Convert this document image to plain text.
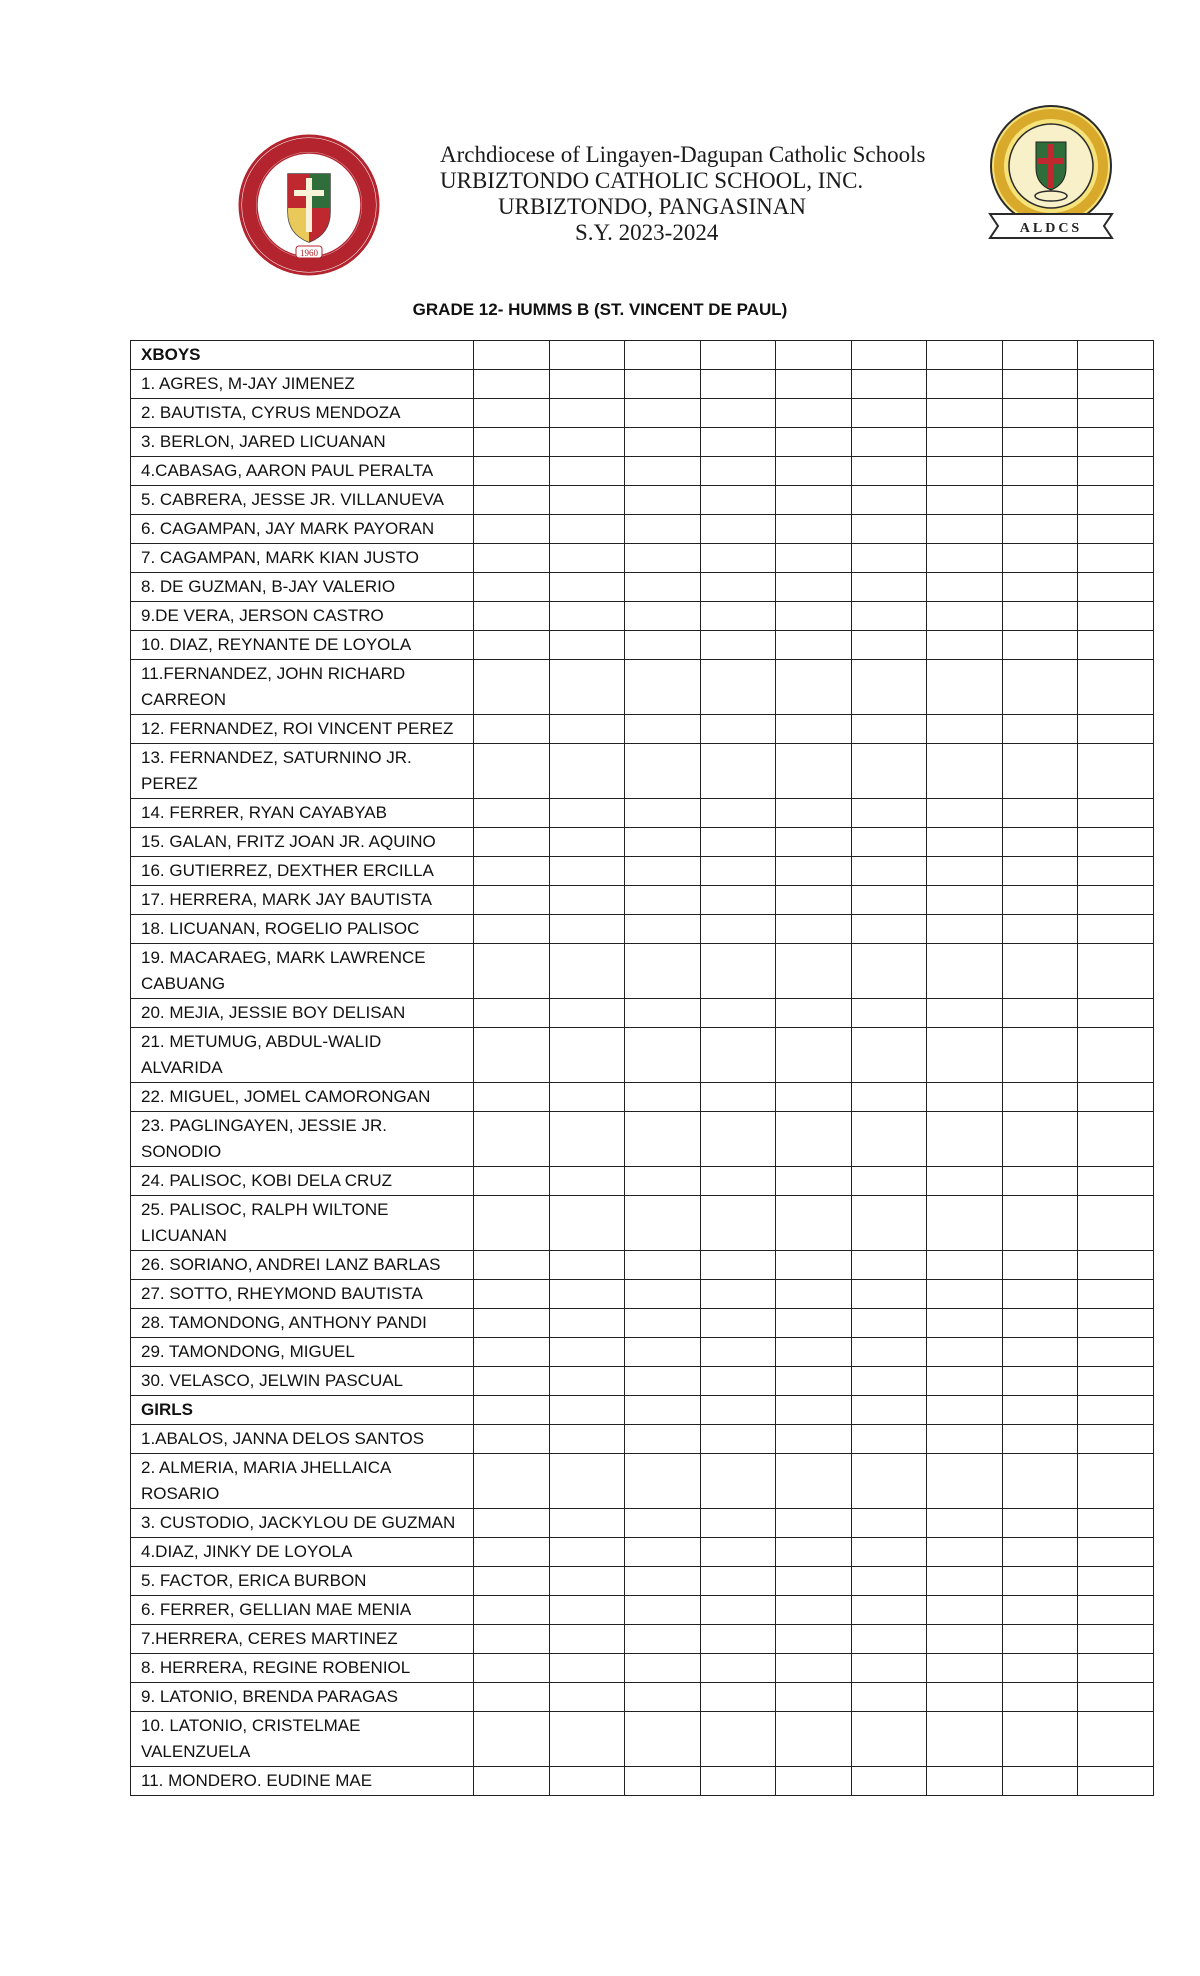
1960
Archdiocese of Lingayen-Dagupan Catholic Schools
URBIZTONDO CATHOLIC SCHOOL, INC.
URBIZTONDO, PANGASINAN
S.Y. 2023-2024	ALDCS
GRADE 12- HUMMS B (ST. VINCENT DE PAUL)
XBOYS									
1. AGRES, M-JAY JIMENEZ									
2. BAUTISTA, CYRUS MENDOZA									
3. BERLON, JARED LICUANAN									
4.CABASAG, AARON PAUL PERALTA									
5. CABRERA, JESSE JR. VILLANUEVA									
6. CAGAMPAN, JAY MARK PAYORAN									
7. CAGAMPAN, MARK KIAN JUSTO									
8. DE GUZMAN, B-JAY VALERIO									
9.DE VERA, JERSON CASTRO									
10. DIAZ, REYNANTE DE LOYOLA									
11.FERNANDEZ, JOHN RICHARD CARREON									
12. FERNANDEZ, ROI VINCENT PEREZ									
13. FERNANDEZ, SATURNINO JR. PEREZ									
14. FERRER, RYAN CAYABYAB									
15. GALAN, FRITZ JOAN JR. AQUINO									
16. GUTIERREZ, DEXTHER ERCILLA									
17. HERRERA, MARK JAY BAUTISTA									
18. LICUANAN, ROGELIO PALISOC									
19. MACARAEG, MARK LAWRENCE CABUANG									
20. MEJIA, JESSIE BOY DELISAN									
21. METUMUG, ABDUL-WALID ALVARIDA									
22. MIGUEL, JOMEL CAMORONGAN									
23. PAGLINGAYEN, JESSIE JR. SONODIO									
24. PALISOC, KOBI DELA CRUZ									
25. PALISOC, RALPH WILTONE LICUANAN									
26. SORIANO, ANDREI LANZ BARLAS									
27. SOTTO, RHEYMOND BAUTISTA									
28. TAMONDONG, ANTHONY PANDI									
29. TAMONDONG, MIGUEL									
30. VELASCO, JELWIN PASCUAL									
GIRLS									
1.ABALOS, JANNA DELOS SANTOS									
2. ALMERIA, MARIA JHELLAICA ROSARIO									
3. CUSTODIO, JACKYLOU DE GUZMAN									
4.DIAZ, JINKY DE LOYOLA									
5. FACTOR, ERICA BURBON									
6. FERRER, GELLIAN MAE MENIA									
7.HERRERA, CERES MARTINEZ									
8. HERRERA, REGINE ROBENIOL									
9. LATONIO, BRENDA PARAGAS									
10. LATONIO, CRISTELMAE VALENZUELA									
11. MONDERO. EUDINE MAE									
